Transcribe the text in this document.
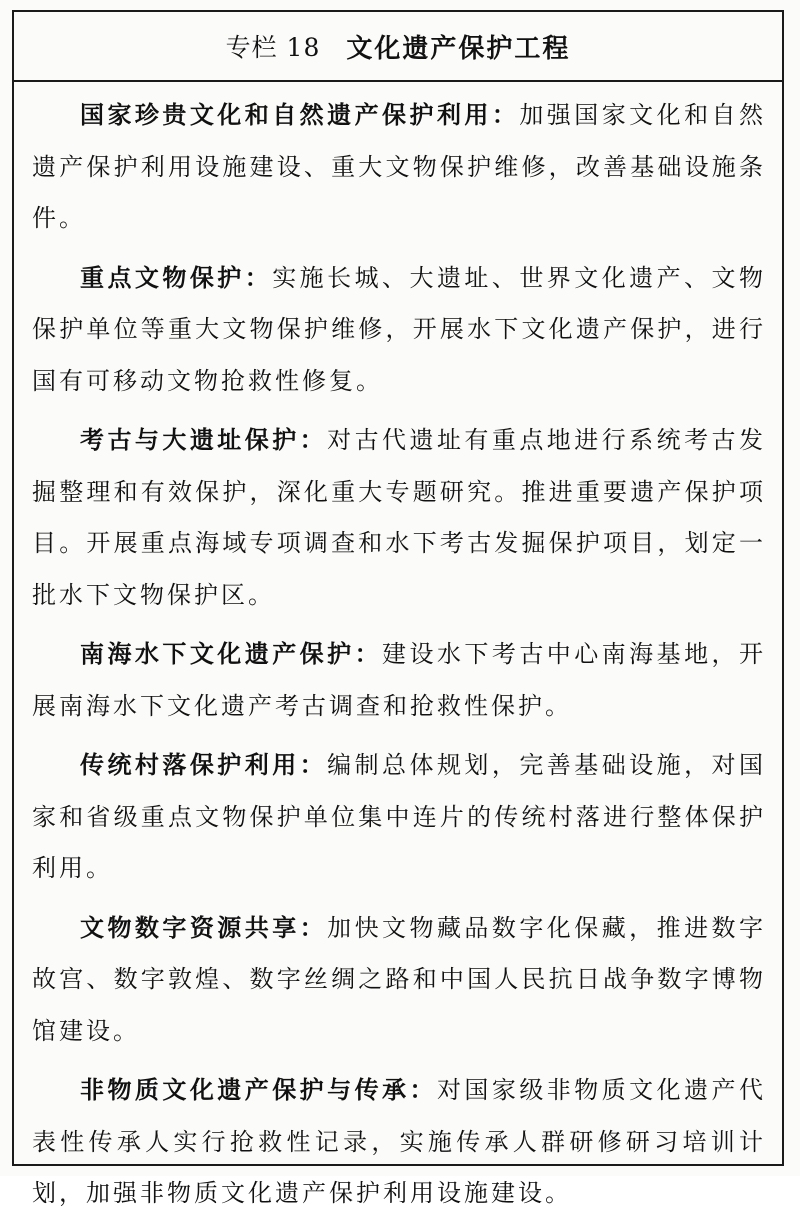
专栏 18 文化遗产保护工程

国家珍贵文化和自然遗产保护利用：加强国家文化和自然遗产保护利用设施建设、重大文物保护维修，改善基础设施条件。

重点文物保护：实施长城、大遗址、世界文化遗产、文物保护单位等重大文物保护维修，开展水下文化遗产保护，进行国有可移动文物抢救性修复。

考古与大遗址保护：对古代遗址有重点地进行系统考古发掘整理和有效保护，深化重大专题研究。推进重要遗产保护项目。开展重点海域专项调查和水下考古发掘保护项目，划定一批水下文物保护区。

南海水下文化遗产保护：建设水下考古中心南海基地，开展南海水下文化遗产考古调查和抢救性保护。

传统村落保护利用：编制总体规划，完善基础设施，对国家和省级重点文物保护单位集中连片的传统村落进行整体保护利用。

文物数字资源共享：加快文物藏品数字化保藏，推进数字故宫、数字敦煌、数字丝绸之路和中国人民抗日战争数字博物馆建设。

非物质文化遗产保护与传承：对国家级非物质文化遗产代表性传承人实行抢救性记录，实施传承人群研修研习培训计划，加强非物质文化遗产保护利用设施建设。
